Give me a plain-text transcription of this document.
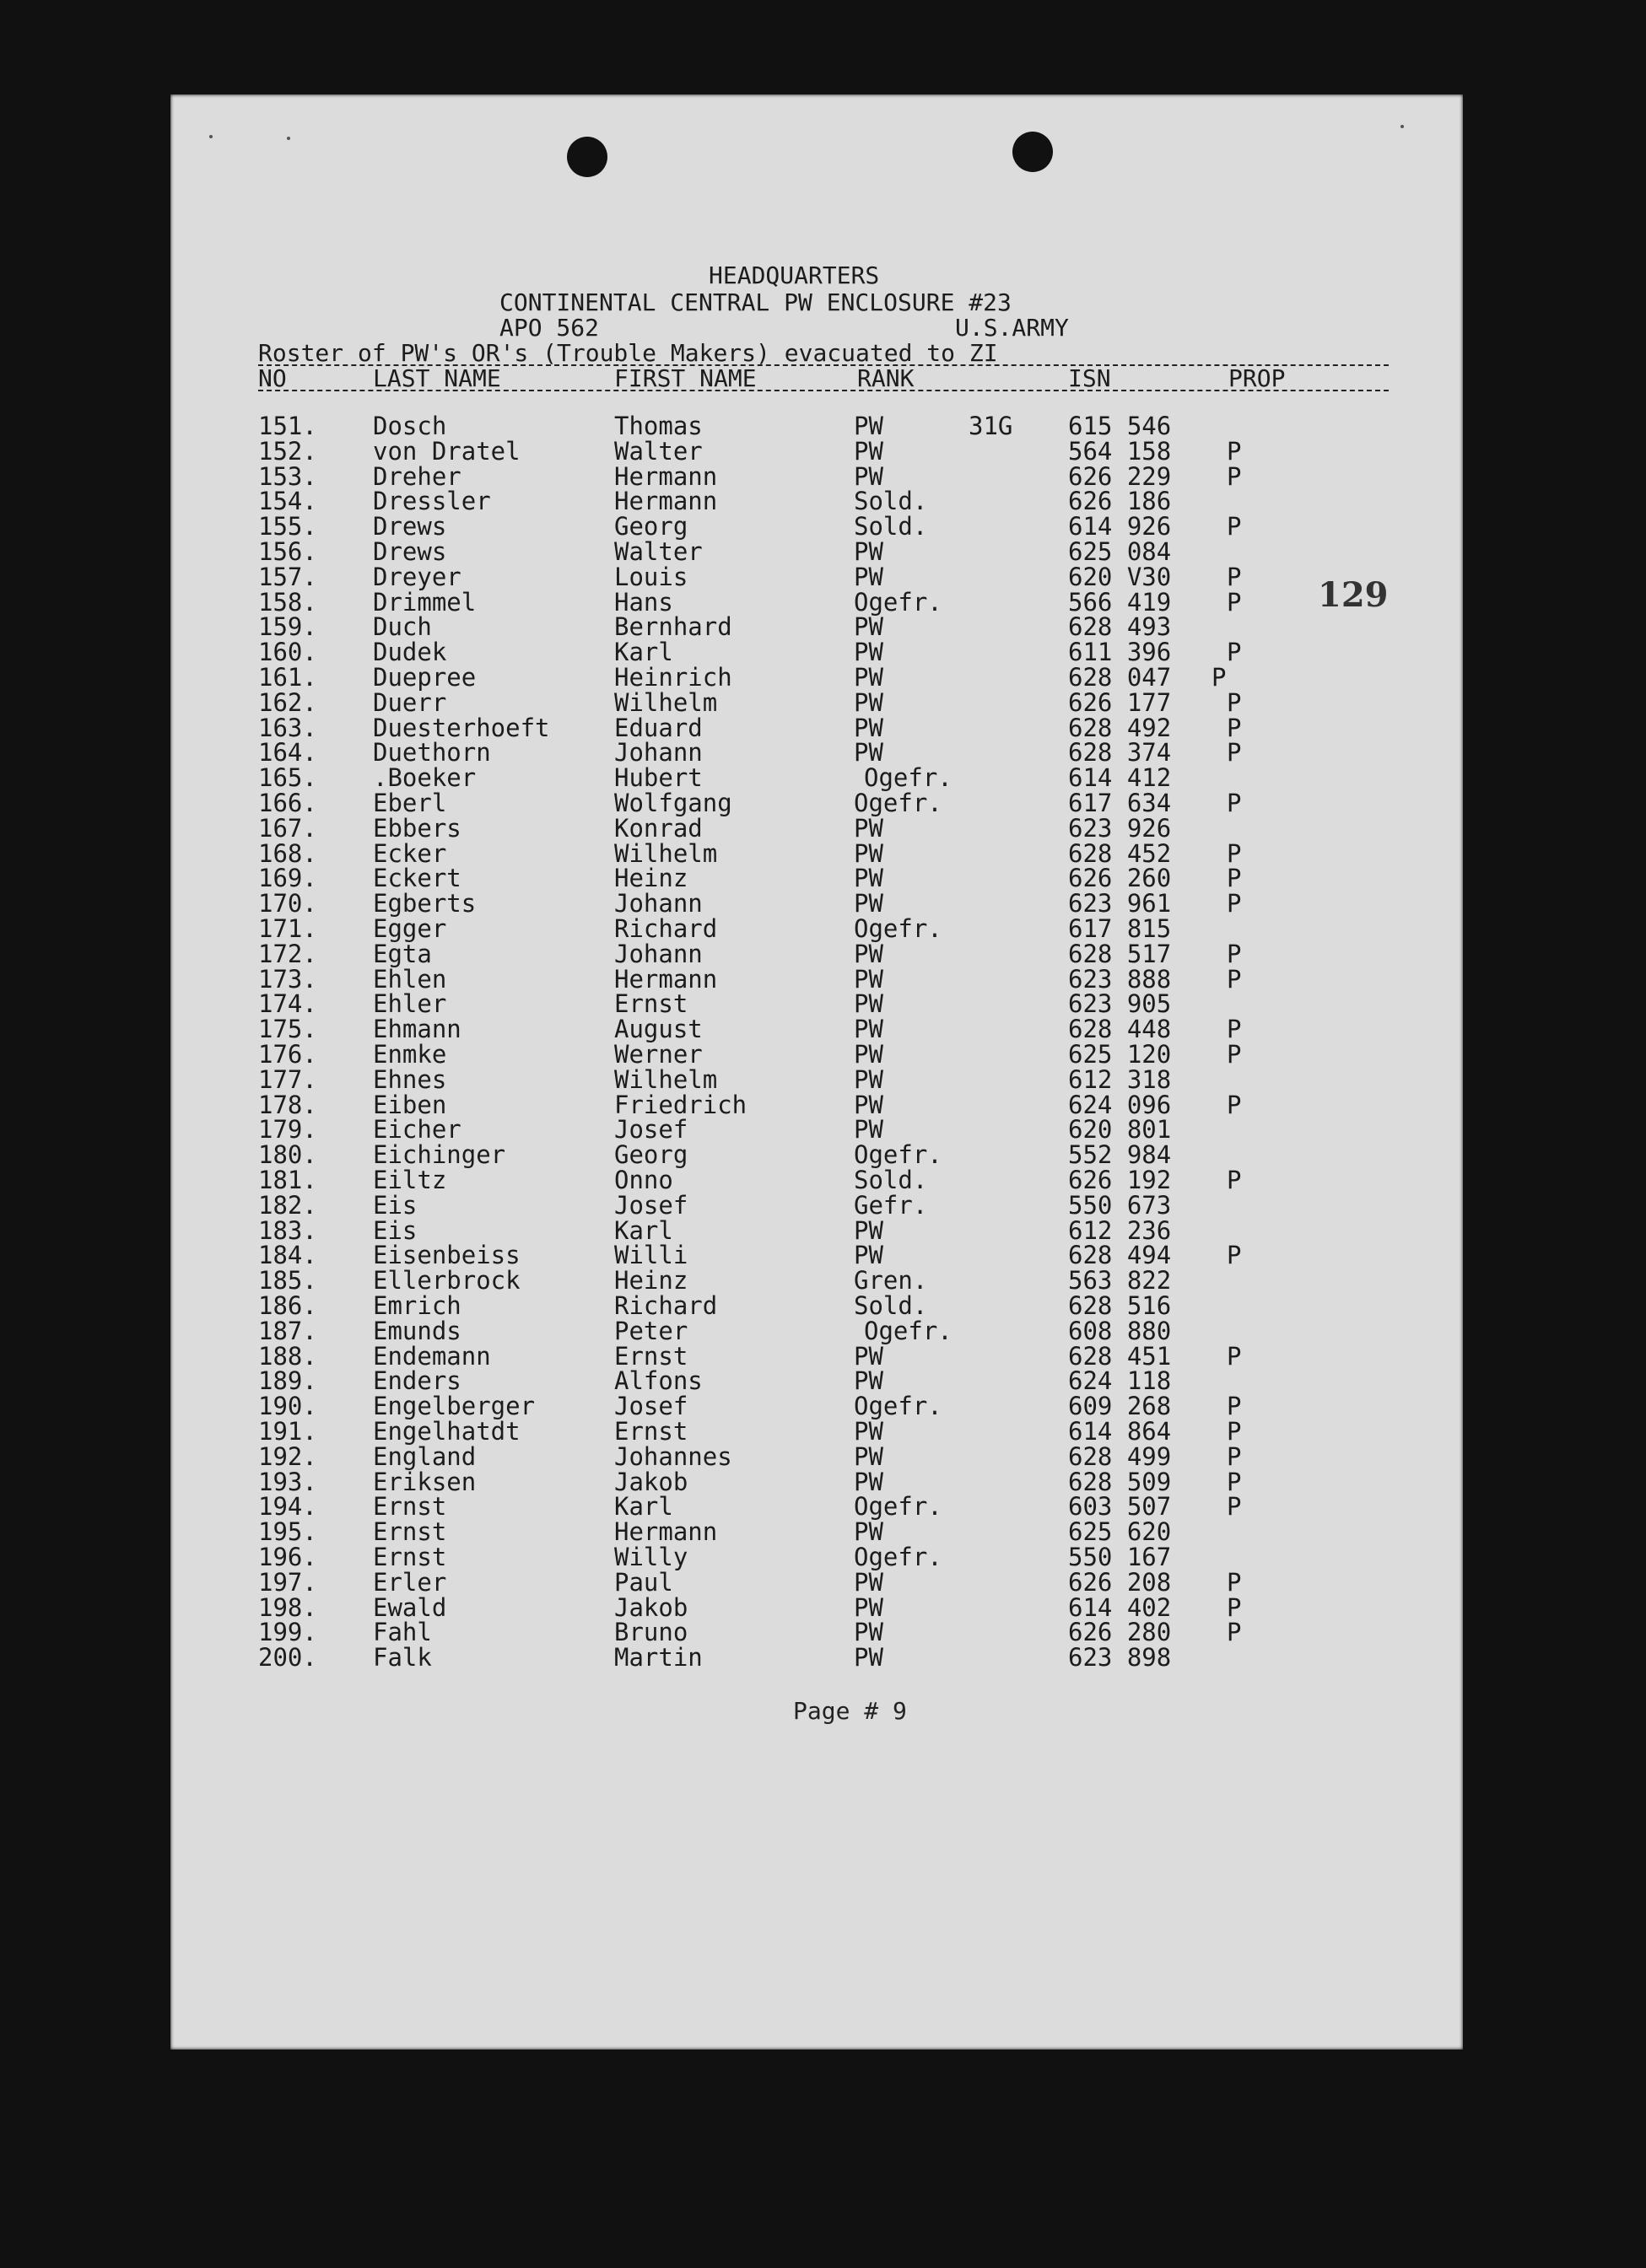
HEADQUARTERS
CONTINENTAL CENTRAL PW ENCLOSURE #23
APO 562	U.S.ARMY
Roster of PW's OR's (Trouble Makers) evacuated to ZI
NO	LAST NAME	FIRST NAME	RANK	ISN	PROP
151. Dosch	Thomas	PW	31G 615 546
152. von Dratel	Walter	PW	564 158 P
153. Dreher	Hermann	PW	626 229 P
154. Dressler	Hermann	Sold.	626 186
155. Drews	Georg	Sold.	614 926 P
156. Drews	Walter	PW	625 084
157. Dreyer	Louis	PW	620 V30 P
158. Drimmel	Hans	Ogefr.	566 419 P
159. Duch	Bernhard	PW	628 493
160. Dudek	Karl	PW	611 396 P
161. Duepree	Heinrich	PW	628 047 P
162. Duerr	Wilhelm	PW	626 177 P
163. Duesterhoeft	Eduard	PW	628 492 P
164. Duethorn	Johann	PW	628 374 P
165. .Boeker	Hubert	Ogefr.	614 412
166. Eberl	Wolfgang	Ogefr.	617 634 P
167. Ebbers	Konrad	PW	623 926
168. Ecker	Wilhelm	PW	628 452 P
169. Eckert	Heinz	PW	626 260 P
170. Egberts	Johann	PW	623 961 P
171. Egger	Richard	Ogefr.	617 815
172. Egta	Johann	PW	628 517 P
173. Ehlen	Hermann	PW	623 888 P
174. Ehler	Ernst	PW	623 905
175. Ehmann	August	PW	628 448 P
176. Enmke	Werner	PW	625 120 P
177. Ehnes	Wilhelm	PW	612 318
178. Eiben	Friedrich	PW	624 096 P
179. Eicher	Josef	PW	620 801
180. Eichinger	Georg	Ogefr.	552 984
181. Eiltz	Onno	Sold.	626 192 P
182. Eis	Josef	Gefr.	550 673
183. Eis	Karl	PW	612 236
184. Eisenbeiss	Willi	PW	628 494 P
185. Ellerbrock	Heinz	Gren.	563 822
186. Emrich	Richard	Sold.	628 516
187. Emunds	Peter	Ogefr.	608 880
188. Endemann	Ernst	PW	628 451 P
189. Enders	Alfons	PW	624 118
190. Engelberger	Josef	Ogefr.	609 268 P
191. Engelhatdt	Ernst	PW	614 864 P
192. England	Johannes	PW	628 499 P
193. Eriksen	Jakob	PW	628 509 P
194. Ernst	Karl	Ogefr.	603 507 P
195. Ernst	Hermann	PW	625 620
196. Ernst	Willy	Ogefr.	550 167
197. Erler	Paul	PW	626 208 P
198. Ewald	Jakob	PW	614 402 P
199. Fahl	Bruno	PW	626 280 P
200. Falk	Martin	PW	623 898
129
Page # 9
